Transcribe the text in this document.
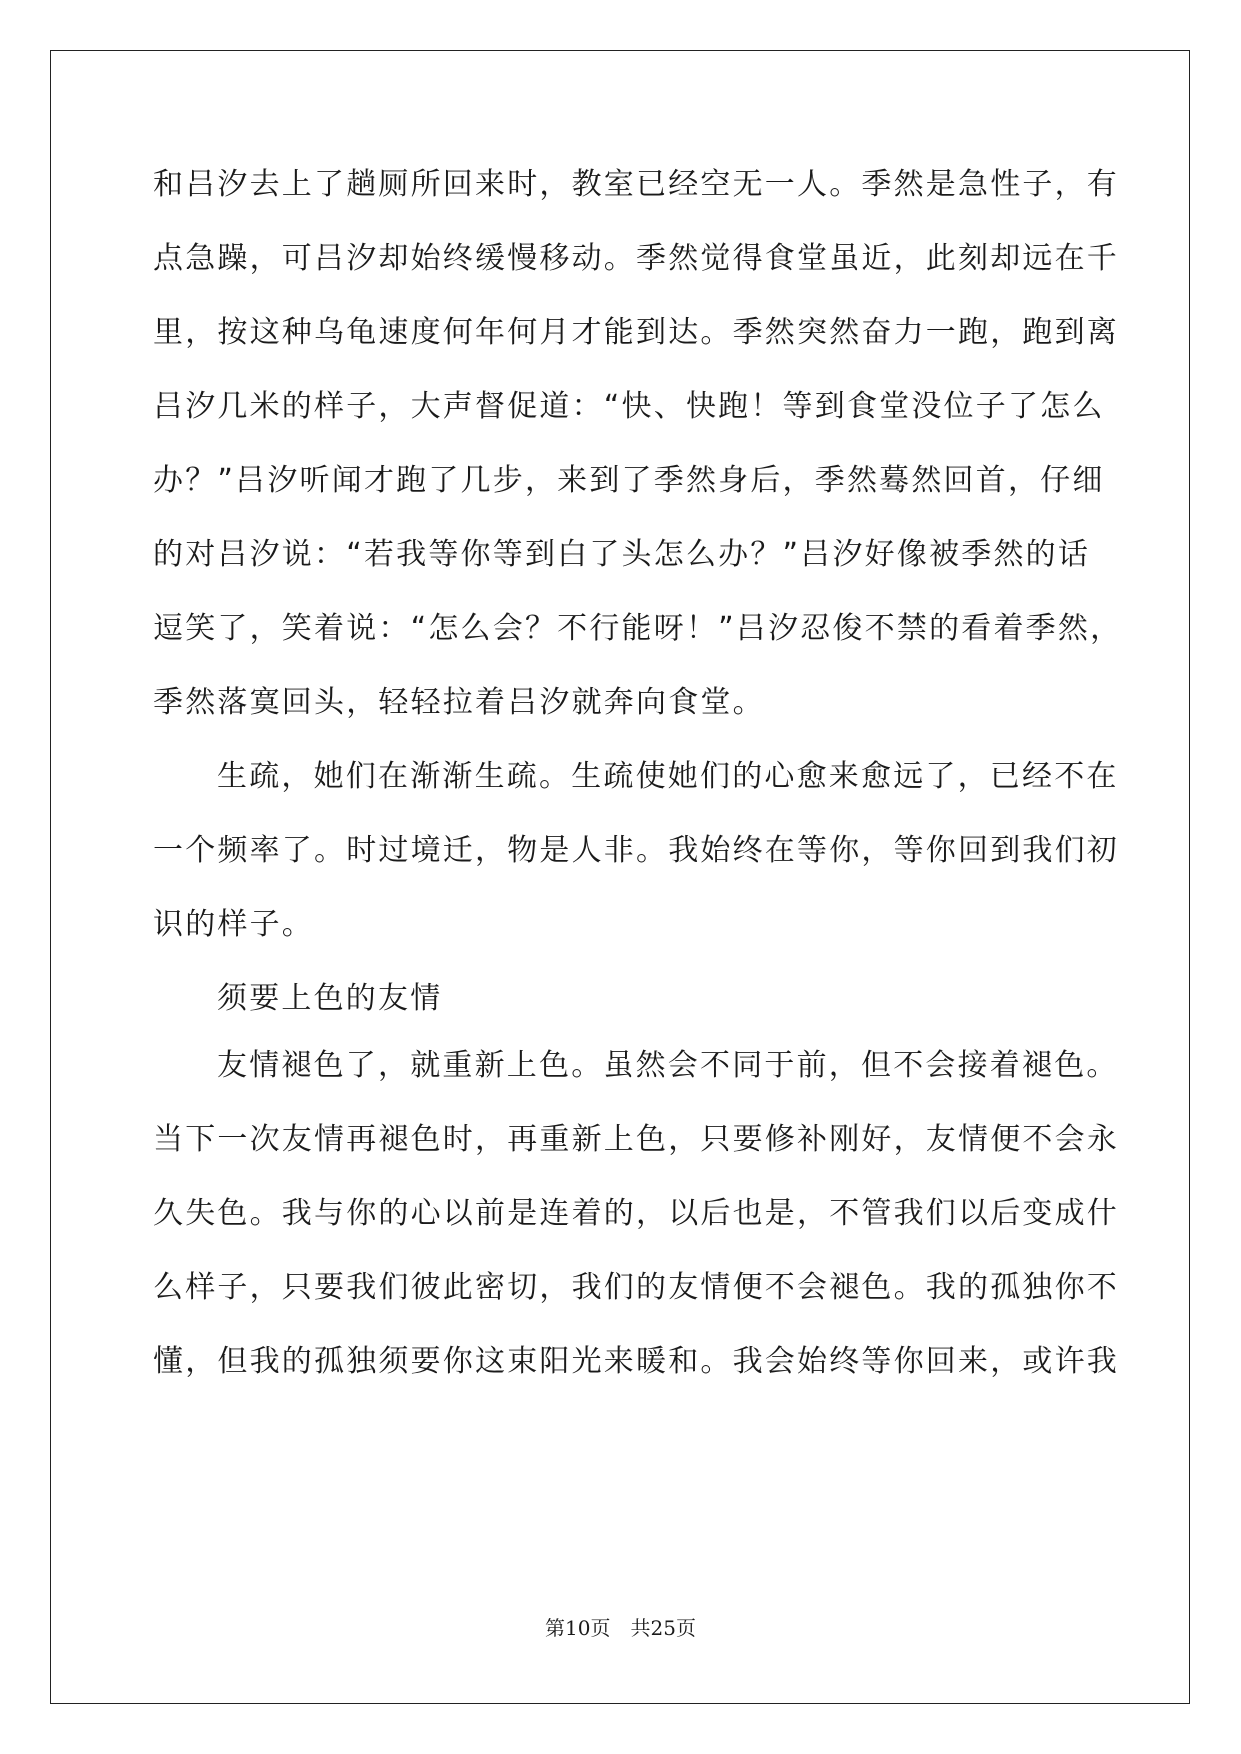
和吕汐去上了趟厕所回来时，教室已经空无一人。季然是急性子，有
点急躁，可吕汐却始终缓慢移动。季然觉得食堂虽近，此刻却远在千
里，按这种乌龟速度何年何月才能到达。季然突然奋力一跑，跑到离
吕汐几米的样子，大声督促道：“快、快跑！等到食堂没位子了怎么
办？”吕汐听闻才跑了几步，来到了季然身后，季然蓦然回首，仔细
的对吕汐说：“若我等你等到白了头怎么办？”吕汐好像被季然的话
逗笑了，笑着说：“怎么会？不行能呀！”吕汐忍俊不禁的看着季然，
季然落寞回头，轻轻拉着吕汐就奔向食堂。
生疏，她们在渐渐生疏。生疏使她们的心愈来愈远了，已经不在
一个频率了。时过境迁，物是人非。我始终在等你，等你回到我们初
识的样子。
须要上色的友情
友情褪色了，就重新上色。虽然会不同于前，但不会接着褪色。
当下一次友情再褪色时，再重新上色，只要修补刚好，友情便不会永
久失色。我与你的心以前是连着的，以后也是，不管我们以后变成什
么样子，只要我们彼此密切，我们的友情便不会褪色。我的孤独你不
懂，但我的孤独须要你这束阳光来暖和。我会始终等你回来，或许我
第10页 共25页
